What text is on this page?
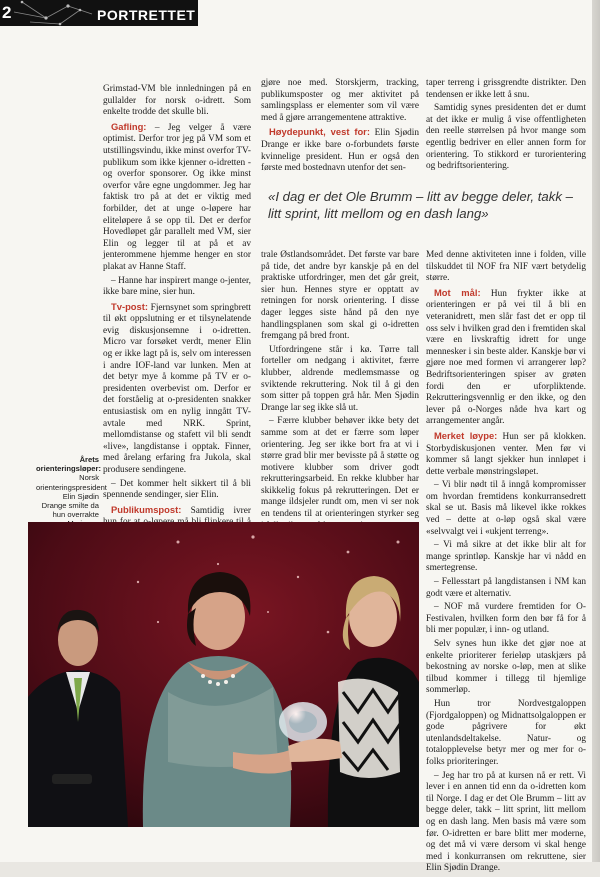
2	PORTRETTET

Grimstad-VM ble innledningen på en gullalder for norsk o-idrett. Som enkelte trodde det skulle bli.

Gafling: – Jeg velger å være optimist. Derfor tror jeg på VM som et utstillingsvindu, ikke minst overfor TV-publikum som ikke kjenner o-idretten - og overfor sponsorer. Og ikke minst overfor våre egne ungdommer. Jeg har faktisk tro på at det er viktig med forbilder, det at unge o-løpere har eliteløpere å se opp til. Det er derfor Hovedløpet går parallelt med VM, sier Elin og legger til at på et av jenterommene hjemme henger en stor plakat av Hanne Staff.

– Hanne har inspirert mange o-jenter, ikke bare mine, sier hun.

Tv-post: Fjernsynet som springbrett til økt oppslutning er et tilsynelatende evig diskusjonsemne i o-idretten. Micro var forsøket verdt, mener Elin og er ikke lagt på is, selv om interessen i andre IOF-land var lunken. Men at det betyr mye å komme på TV er o-presidenten overbevist om. Derfor er det forståelig at o-presidenten snakker entusiastisk om en nylig inngått TV-avtale med NRK. Sprint, mellomdistanse og stafett vil bli sendt «live», langdistanse i opptak. Finner, med årelang erfaring fra Jukola, skal produsere sendingene.

– Det kommer helt sikkert til å bli spennende sendinger, sier Elin.

Publikumspost: Samtidig ivrer

gjøre noe med. Storskjerm, tracking, publikumsposter og mer aktivitet på samlingsplass er elementer som vil være med å gjøre arrangementene attraktive.

Høydepunkt, vest for: Elin Sjødin Drange er ikke bare o-forbundets første kvinnelige president. Hun er også den første med bostednavn utenfor det sen-

taper terreng i grissgrendte distrikter. Den tendensen er ikke lett å snu.

Samtidig synes presidenten det er dumt at det ikke er mulig å vise offentligheten den reelle størrelsen på hvor mange som egentlig bedriver en eller annen form for orientering. To stikkord er turorientering og bedriftsorientering.

«I dag er det Ole Brumm – litt av begge deler, takk – litt sprint, litt mellom og en dash lang»

trale Østlandsområdet. Det første var bare på tide, det andre byr kanskje på en del praktiske utfordringer, men det går greit, sier hun. Hennes styre er opptatt av retningen for norsk orientering. I disse dager legges siste hånd på den nye handlingsplanen som skal gi o-idretten fremgang på bred front.

Utfordringene står i kø. Tørre tall forteller om nedgang i aktivitet, færre klubber, aldrende medlemsmasse og sviktende rekruttering. Nok til å gi den som sitter på toppen grå hår. Men Sjødin Drange lar seg ikke slå ut.

– Færre klubber behøver ikke bety det samme som at det er færre som løper orientering. Jeg ser ikke bort fra at vi i større grad blir mer bevisste på å støtte og motivere klubber som driver godt rekrutteringsarbeid. En rekke klubber har skikkelig fokus på rekrutteringen. Det er mange ildsjeler rundt om, men vi ser nok en tendens til at orienteringen styrker seg

Med denne aktiviteten inne i folden, ville tilskuddet til NOF fra NIF vært betydelig større.

Mot mål: Hun frykter ikke at orienteringen er på vei til å bli en veteranidrett, men slår fast det er opp til oss selv i hvilken grad den i fremtiden skal være en livskraftig idrett for unge mennesker i sin beste alder. Kanskje bør vi gjøre noe med formen vi arrangerer løp? Bedriftsorienteringen spiser av grøten fordi den er uforpliktende. Rekrutteringsvennlig er den ikke, og den lever på o-Norges nåde hva kart og arrangementer angår.

Merket løype: Hun ser på klokken. Storbydiskusjonen venter. Men før vi kommer så langt sjekker hun innløpet i dette verbale mønstringsløpet.

– Vi blir nødt til å inngå kompromisser om hvordan fremtidens konkurransedrett skal se ut. Basis må likevel ikke rokkes ved – dette at o-løp også skal være «selvvalgt vei i «ukjent terreng».

– Vi må sikre at det ikke blir alt for mange sprintløp. Kanskje har vi nådd en smertegrense.

– Fellesstart på langdistansen i NM kan godt være et alternativ.

– NOF må vurdere fremtiden for O-Festivalen, hvilken form den bør få for å bli mer populær, i inn- og utland.

Selv synes hun ikke det gjør noe at enkelte prioriterer ferieløp utaskjærs på bekostning av norske o-løp, men at slike tilbud kommer i tillegg til hjemlige sommerløp.

Hun tror Nordvestgaloppen (Fjordgaloppen) og Midnattsolgaloppen er gode pågrivere for økt utenlandsdeltakelse. Natur- og totalopplevelse betyr mer og mer for o- folks prioriteringer.

– Jeg har tro på at kursen nå er rett. Vi lever i en annen tid enn da o-idretten kom til Norge. I dag er det Ole Brumm – litt av begge deler, takk – litt sprint, litt mellom og en dash lang. Men basis må være som før. O-idretten er bare blitt mer moderne, og det må vi være dersom vi skal henge med i konkurransen om rekruttene, sier Elin Sjødin Drange.

Årets orienteringsløper: Norsk orienteringspresident Elin Sjødin Drange smilte da hun overrakte
